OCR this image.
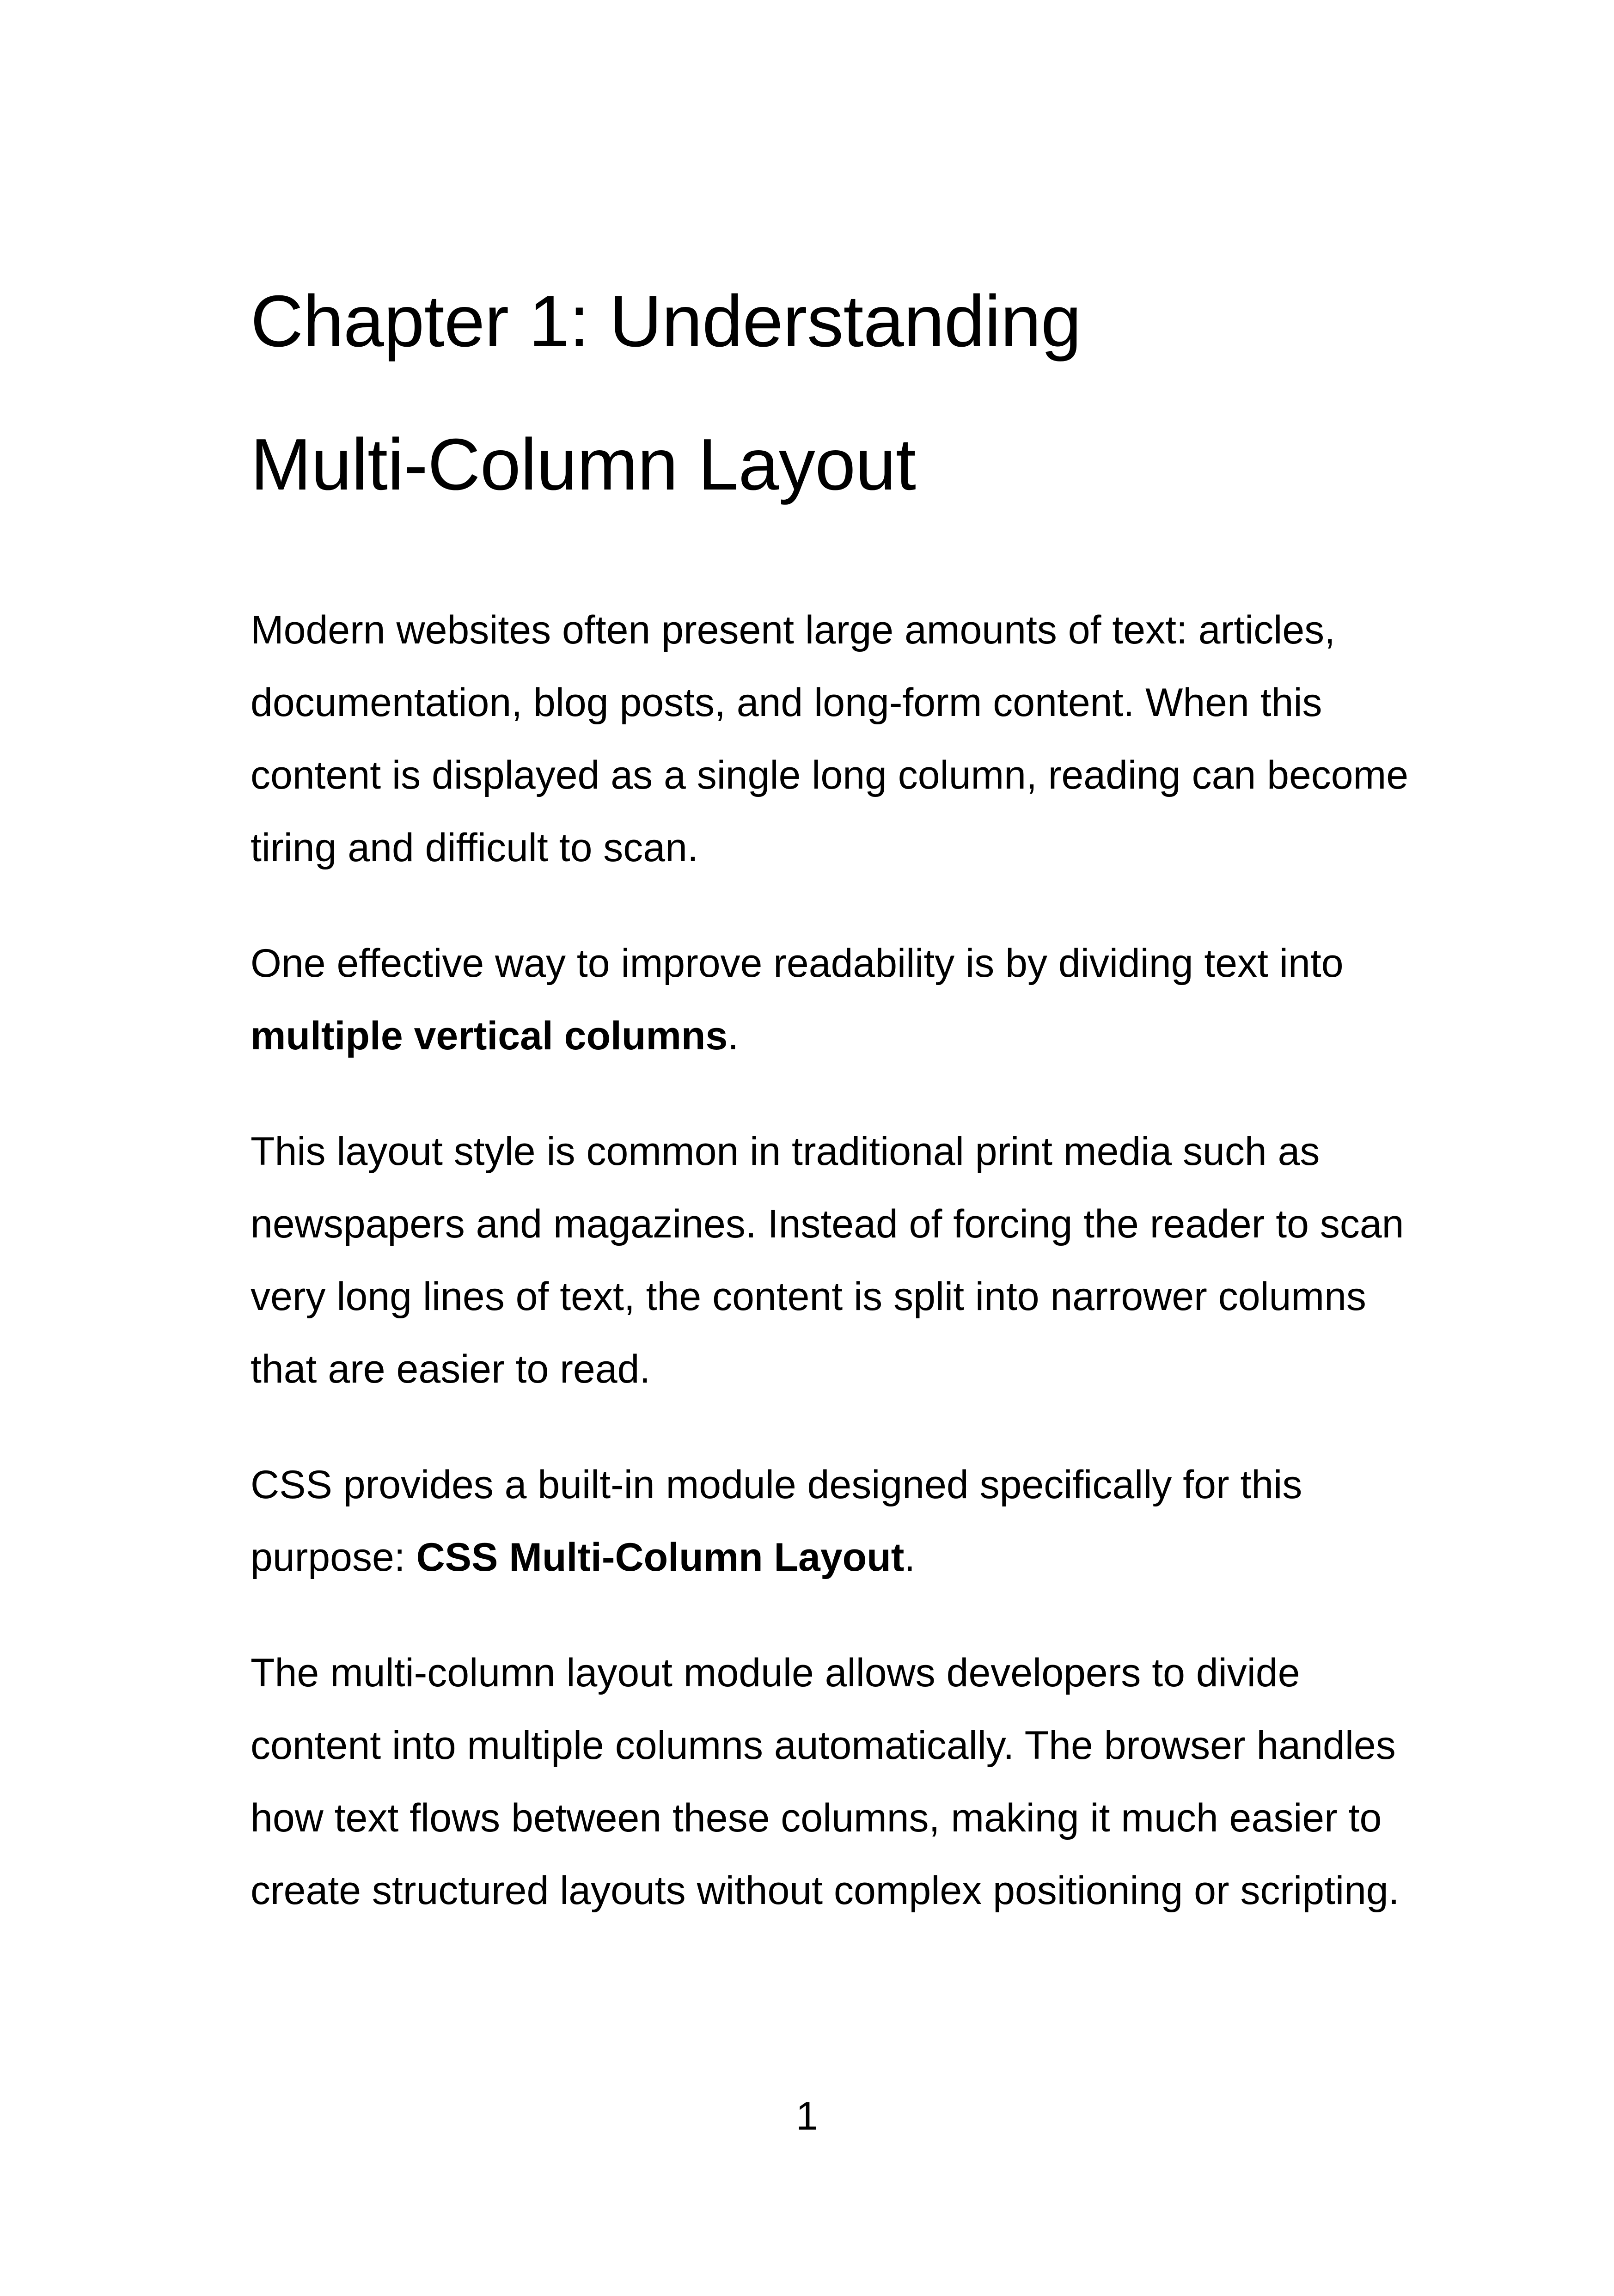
Chapter 1: Understanding
Multi-Column Layout

Modern websites often present large amounts of text: articles, documentation, blog posts, and long-form content. When this content is displayed as a single long column, reading can become tiring and difficult to scan.

One effective way to improve readability is by dividing text into multiple vertical columns.

This layout style is common in traditional print media such as newspapers and magazines. Instead of forcing the reader to scan very long lines of text, the content is split into narrower columns that are easier to read.

CSS provides a built-in module designed specifically for this purpose: CSS Multi-Column Layout.

The multi-column layout module allows developers to divide content into multiple columns automatically. The browser handles how text flows between these columns, making it much easier to create structured layouts without complex positioning or scripting.

1
